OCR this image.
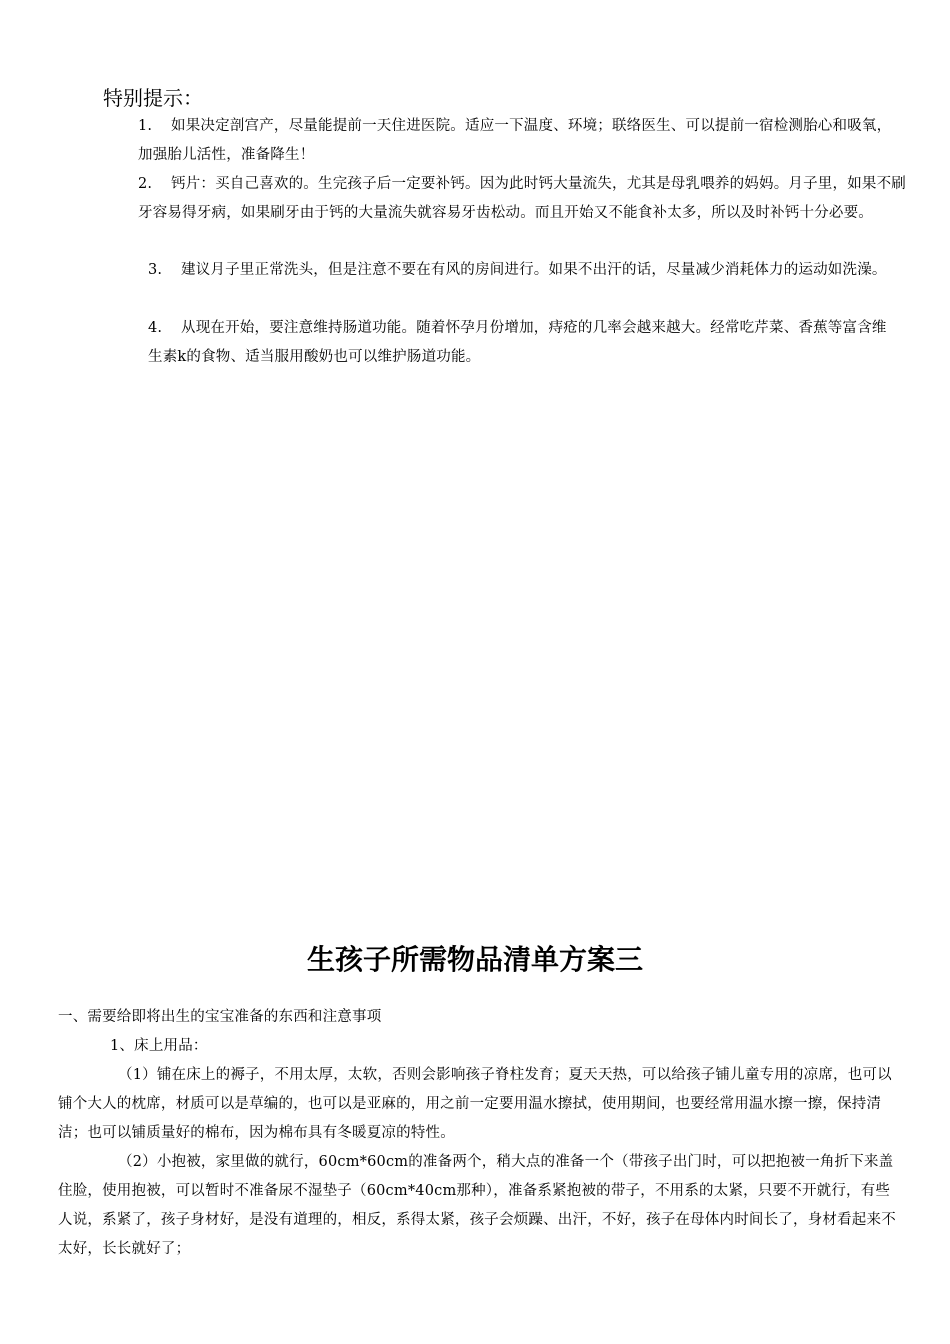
特别提示：
1. 如果决定剖宫产，尽量能提前一天住进医院。适应一下温度、环境；联络医生、可以提前一宿检测胎心和吸氧，加强胎儿活性，准备降生！
2. 钙片：买自己喜欢的。生完孩子后一定要补钙。因为此时钙大量流失，尤其是母乳喂养的妈妈。月子里，如果不刷牙容易得牙病，如果刷牙由于钙的大量流失就容易牙齿松动。而且开始又不能食补太多，所以及时补钙十分必要。
3. 建议月子里正常洗头，但是注意不要在有风的房间进行。如果不出汗的话，尽量减少消耗体力的运动如洗澡。
4. 从现在开始，要注意维持肠道功能。随着怀孕月份增加，痔疮的几率会越来越大。经常吃芹菜、香蕉等富含维生素k的食物、适当服用酸奶也可以维护肠道功能。
生孩子所需物品清单方案三
一、需要给即将出生的宝宝准备的东西和注意事项
1、床上用品：
（1）铺在床上的褥子，不用太厚，太软，否则会影响孩子脊柱发育；夏天天热，可以给孩子铺儿童专用的凉席，也可以铺个大人的枕席，材质可以是草编的，也可以是亚麻的，用之前一定要用温水擦拭，使用期间，也要经常用温水擦一擦，保持清洁；也可以铺质量好的棉布，因为棉布具有冬暖夏凉的特性。
（2）小抱被，家里做的就行，60cm*60cm的准备两个，稍大点的准备一个（带孩子出门时，可以把抱被一角折下来盖住脸，使用抱被，可以暂时不准备尿不湿垫子（60cm*40cm那种），准备系紧抱被的带子，不用系的太紧，只要不开就行，有些人说，系紧了，孩子身材好，是没有道理的，相反，系得太紧，孩子会烦躁、出汗，不好，孩子在母体内时间长了，身材看起来不太好，长长就好了；
